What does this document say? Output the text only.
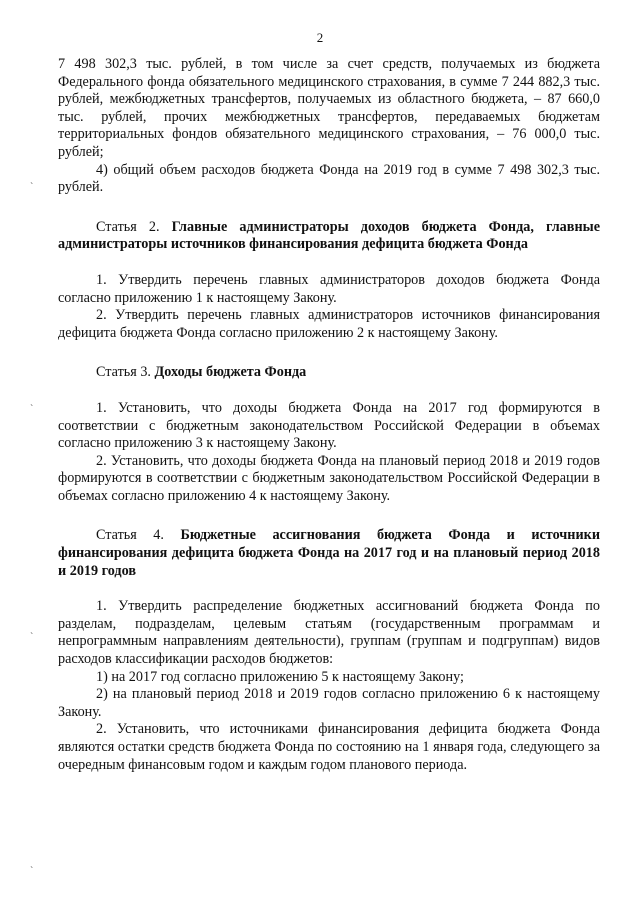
2
`
`
`
`

7 498 302,3 тыс. рублей, в том числе за счет средств, получаемых из бюджета Федерального фонда обязательного медицинского страхования, в сумме 7 244 882,3 тыс. рублей, межбюджетных трансфертов, получаемых из областного бюджета, – 87 660,0 тыс. рублей, прочих межбюджетных трансфертов, передаваемых бюджетам территориальных фондов обязательного медицинского страхования, – 76 000,0 тыс. рублей;

4) общий объем расходов бюджета Фонда на 2019 год в сумме 7 498 302,3 тыс. рублей.

Статья 2. Главные администраторы доходов бюджета Фонда, главные администраторы источников финансирования дефицита бюджета Фонда

1. Утвердить перечень главных администраторов доходов бюджета Фонда согласно приложению 1 к настоящему Закону.

2. Утвердить перечень главных администраторов источников финансирования дефицита бюджета Фонда согласно приложению 2 к настоящему Закону.

Статья 3. Доходы бюджета Фонда

1. Установить, что доходы бюджета Фонда на 2017 год формируются в соответствии с бюджетным законодательством Российской Федерации в объемах согласно приложению 3 к настоящему Закону.

2. Установить, что доходы бюджета Фонда на плановый период 2018 и 2019 годов формируются в соответствии с бюджетным законодательством Российской Федерации в объемах согласно приложению 4 к настоящему Закону.

Статья 4. Бюджетные ассигнования бюджета Фонда и источники финансирования дефицита бюджета Фонда на 2017 год и на плановый период 2018 и 2019 годов

1. Утвердить распределение бюджетных ассигнований бюджета Фонда по разделам, подразделам, целевым статьям (государственным программам и непрограммным направлениям деятельности), группам (группам и подгруппам) видов расходов классификации расходов бюджетов:

1) на 2017 год согласно приложению 5 к настоящему Закону;

2) на плановый период 2018 и 2019 годов согласно приложению 6 к настоящему Закону.

2. Установить, что источниками финансирования дефицита бюджета Фонда являются остатки средств бюджета Фонда по состоянию на 1 января года, следующего за очередным финансовым годом и каждым годом планового периода.
